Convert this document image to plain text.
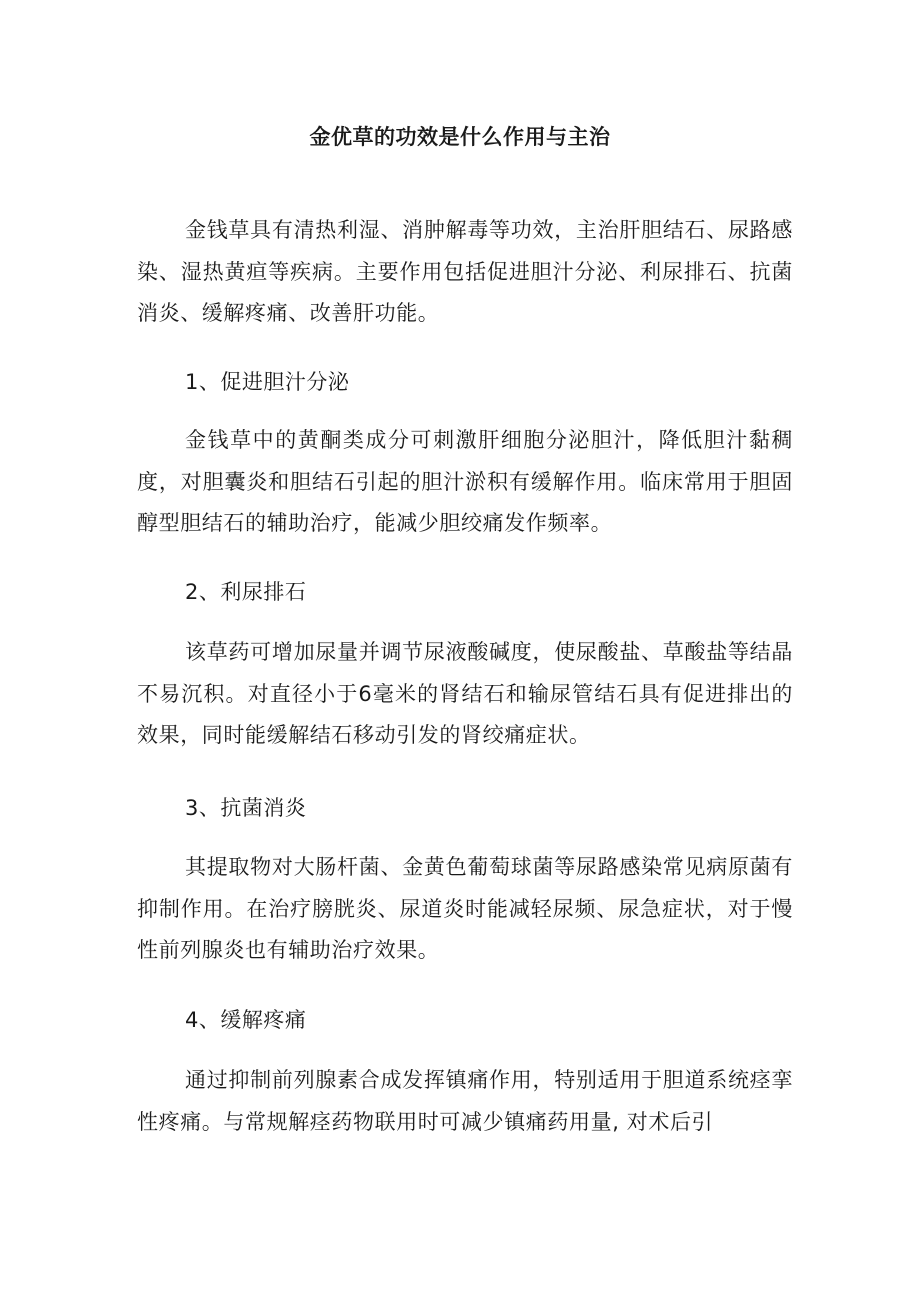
金优草的功效是什么作用与主治

金钱草具有清热利湿、消肿解毒等功效，主治肝胆结石、尿路感染、湿热黄疸等疾病。主要作用包括促进胆汁分泌、利尿排石、抗菌消炎、缓解疼痛、改善肝功能。

1、促进胆汁分泌

金钱草中的黄酮类成分可刺激肝细胞分泌胆汁，降低胆汁黏稠度，对胆囊炎和胆结石引起的胆汁淤积有缓解作用。临床常用于胆固醇型胆结石的辅助治疗，能减少胆绞痛发作频率。

2、利尿排石

该草药可增加尿量并调节尿液酸碱度，使尿酸盐、草酸盐等结晶不易沉积。对直径小于6毫米的肾结石和输尿管结石具有促进排出的效果，同时能缓解结石移动引发的肾绞痛症状。

3、抗菌消炎

其提取物对大肠杆菌、金黄色葡萄球菌等尿路感染常见病原菌有抑制作用。在治疗膀胱炎、尿道炎时能减轻尿频、尿急症状，对于慢性前列腺炎也有辅助治疗效果。

4、缓解疼痛

通过抑制前列腺素合成发挥镇痛作用，特别适用于胆道系统痉挛性疼痛。与常规解痉药物联用时可减少镇痛药用量, 对术后引
